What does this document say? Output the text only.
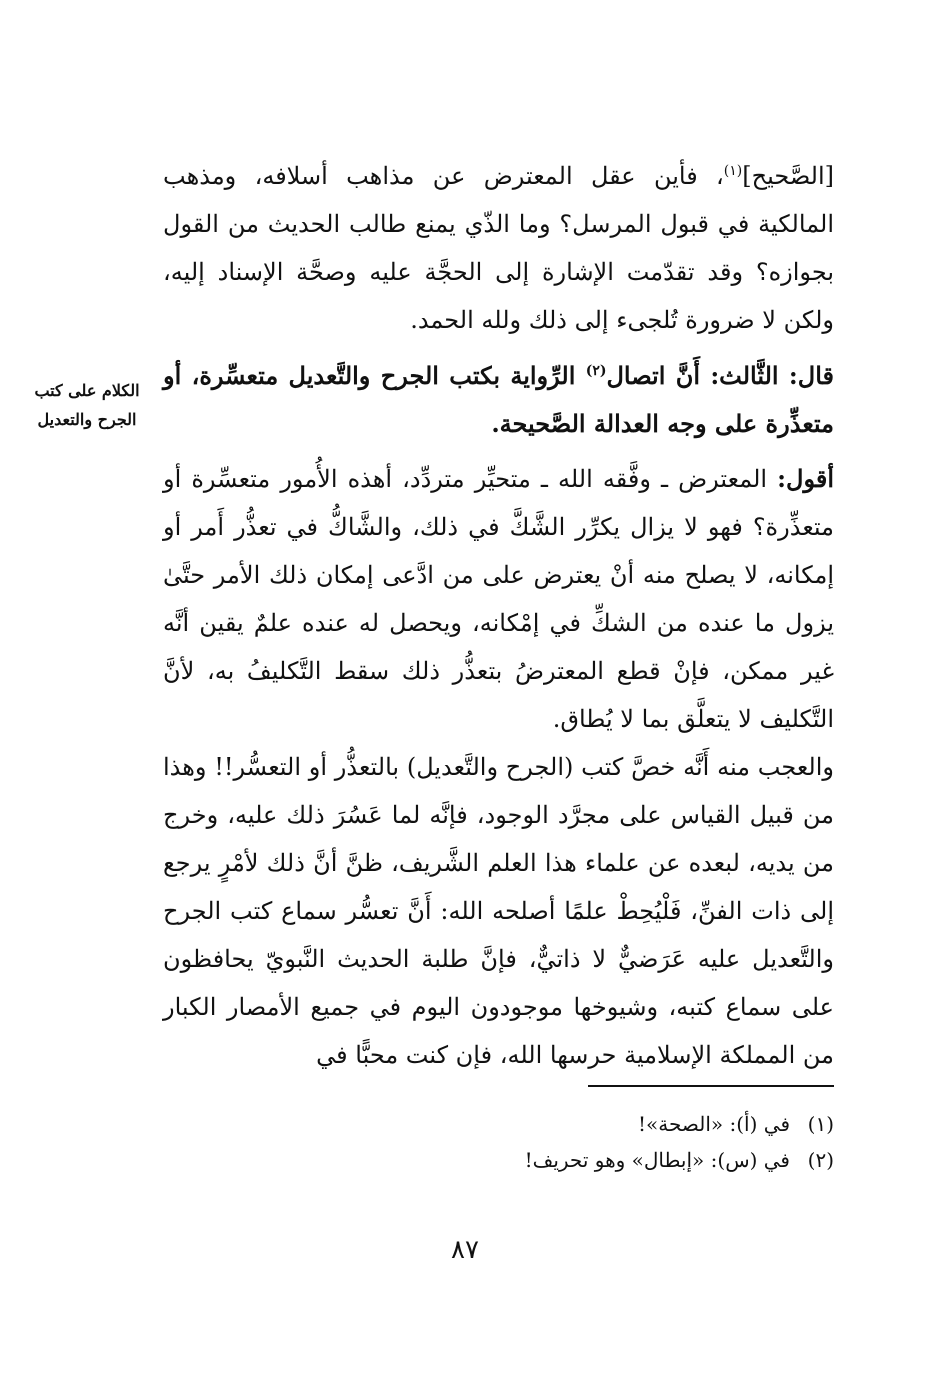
[الصَّحيح]$^{(١)}$، فأين عقل المعترض عن مذاهب أسلافه، ومذهب المالكية في قبول المرسل؟ وما الذّي يمنع طالب الحديث من القول بجوازه؟ وقد تقدّمت الإشارة إلى الحجَّة عليه وصحَّة الإسناد إليه، ولكن لا ضرورة تُلجىء إلى ذلك ولله الحمد.

قال: الثَّالث: أَنَّ اتصال$^{(٢)}$ الرِّواية بكتب الجرح والتَّعديل متعسِّرة، أو متعذِّرة على وجه العدالة الصَّحيحة.

الكلام على كتب
الجرح والتعديل

أقول: المعترض ـ وفَّقه الله ـ متحيِّر متردِّد، أهذه الأُمور متعسِّرة أو متعذِّرة؟ فهو لا يزال يكرِّر الشَّكَّ في ذلك، والشَّاكُّ في تعذُّر أَمر أو إمكانه، لا يصلح منه أنْ يعترض على من ادَّعى إمكان ذلك الأمر حتَّىٰ يزول ما عنده من الشكِّ في إمْكانه، ويحصل له عنده علمٌ يقين أنَّه غير ممكن، فإنْ قطع المعترضُ بتعذُّر ذلك سقط التَّكليفُ به، لأنَّ التَّكليف لا يتعلَّق بما لا يُطاق.

والعجب منه أَنَّه خصَّ كتب (الجرح والتَّعديل) بالتعذُّر أو التعسُّر!! وهذا من قبيل القياس على مجرَّد الوجود، فإنَّه لما عَسُرَ ذلك عليه، وخرج من يديه، لبعده عن علماء هذا العلم الشَّريف، ظنَّ أنَّ ذلك لأمْرٍ يرجع إلى ذات الفنِّ، فَلْيُحِطْ علمًا أصلحه الله: أَنَّ تعسُّر سماع كتب الجرح والتَّعديل عليه عَرَضيٌّ لا ذاتيٌّ، فإنَّ طلبة الحديث النَّبويّ يحافظون على سماع كتبه، وشيوخها موجودون اليوم في جميع الأمصار الكبار من المملكة الإسلامية حرسها الله، فإن كنت محبًّا في

(١)في (أ): «الصحة»!

(٢)في (س): «إبطال» وهو تحريف!

٨٧
